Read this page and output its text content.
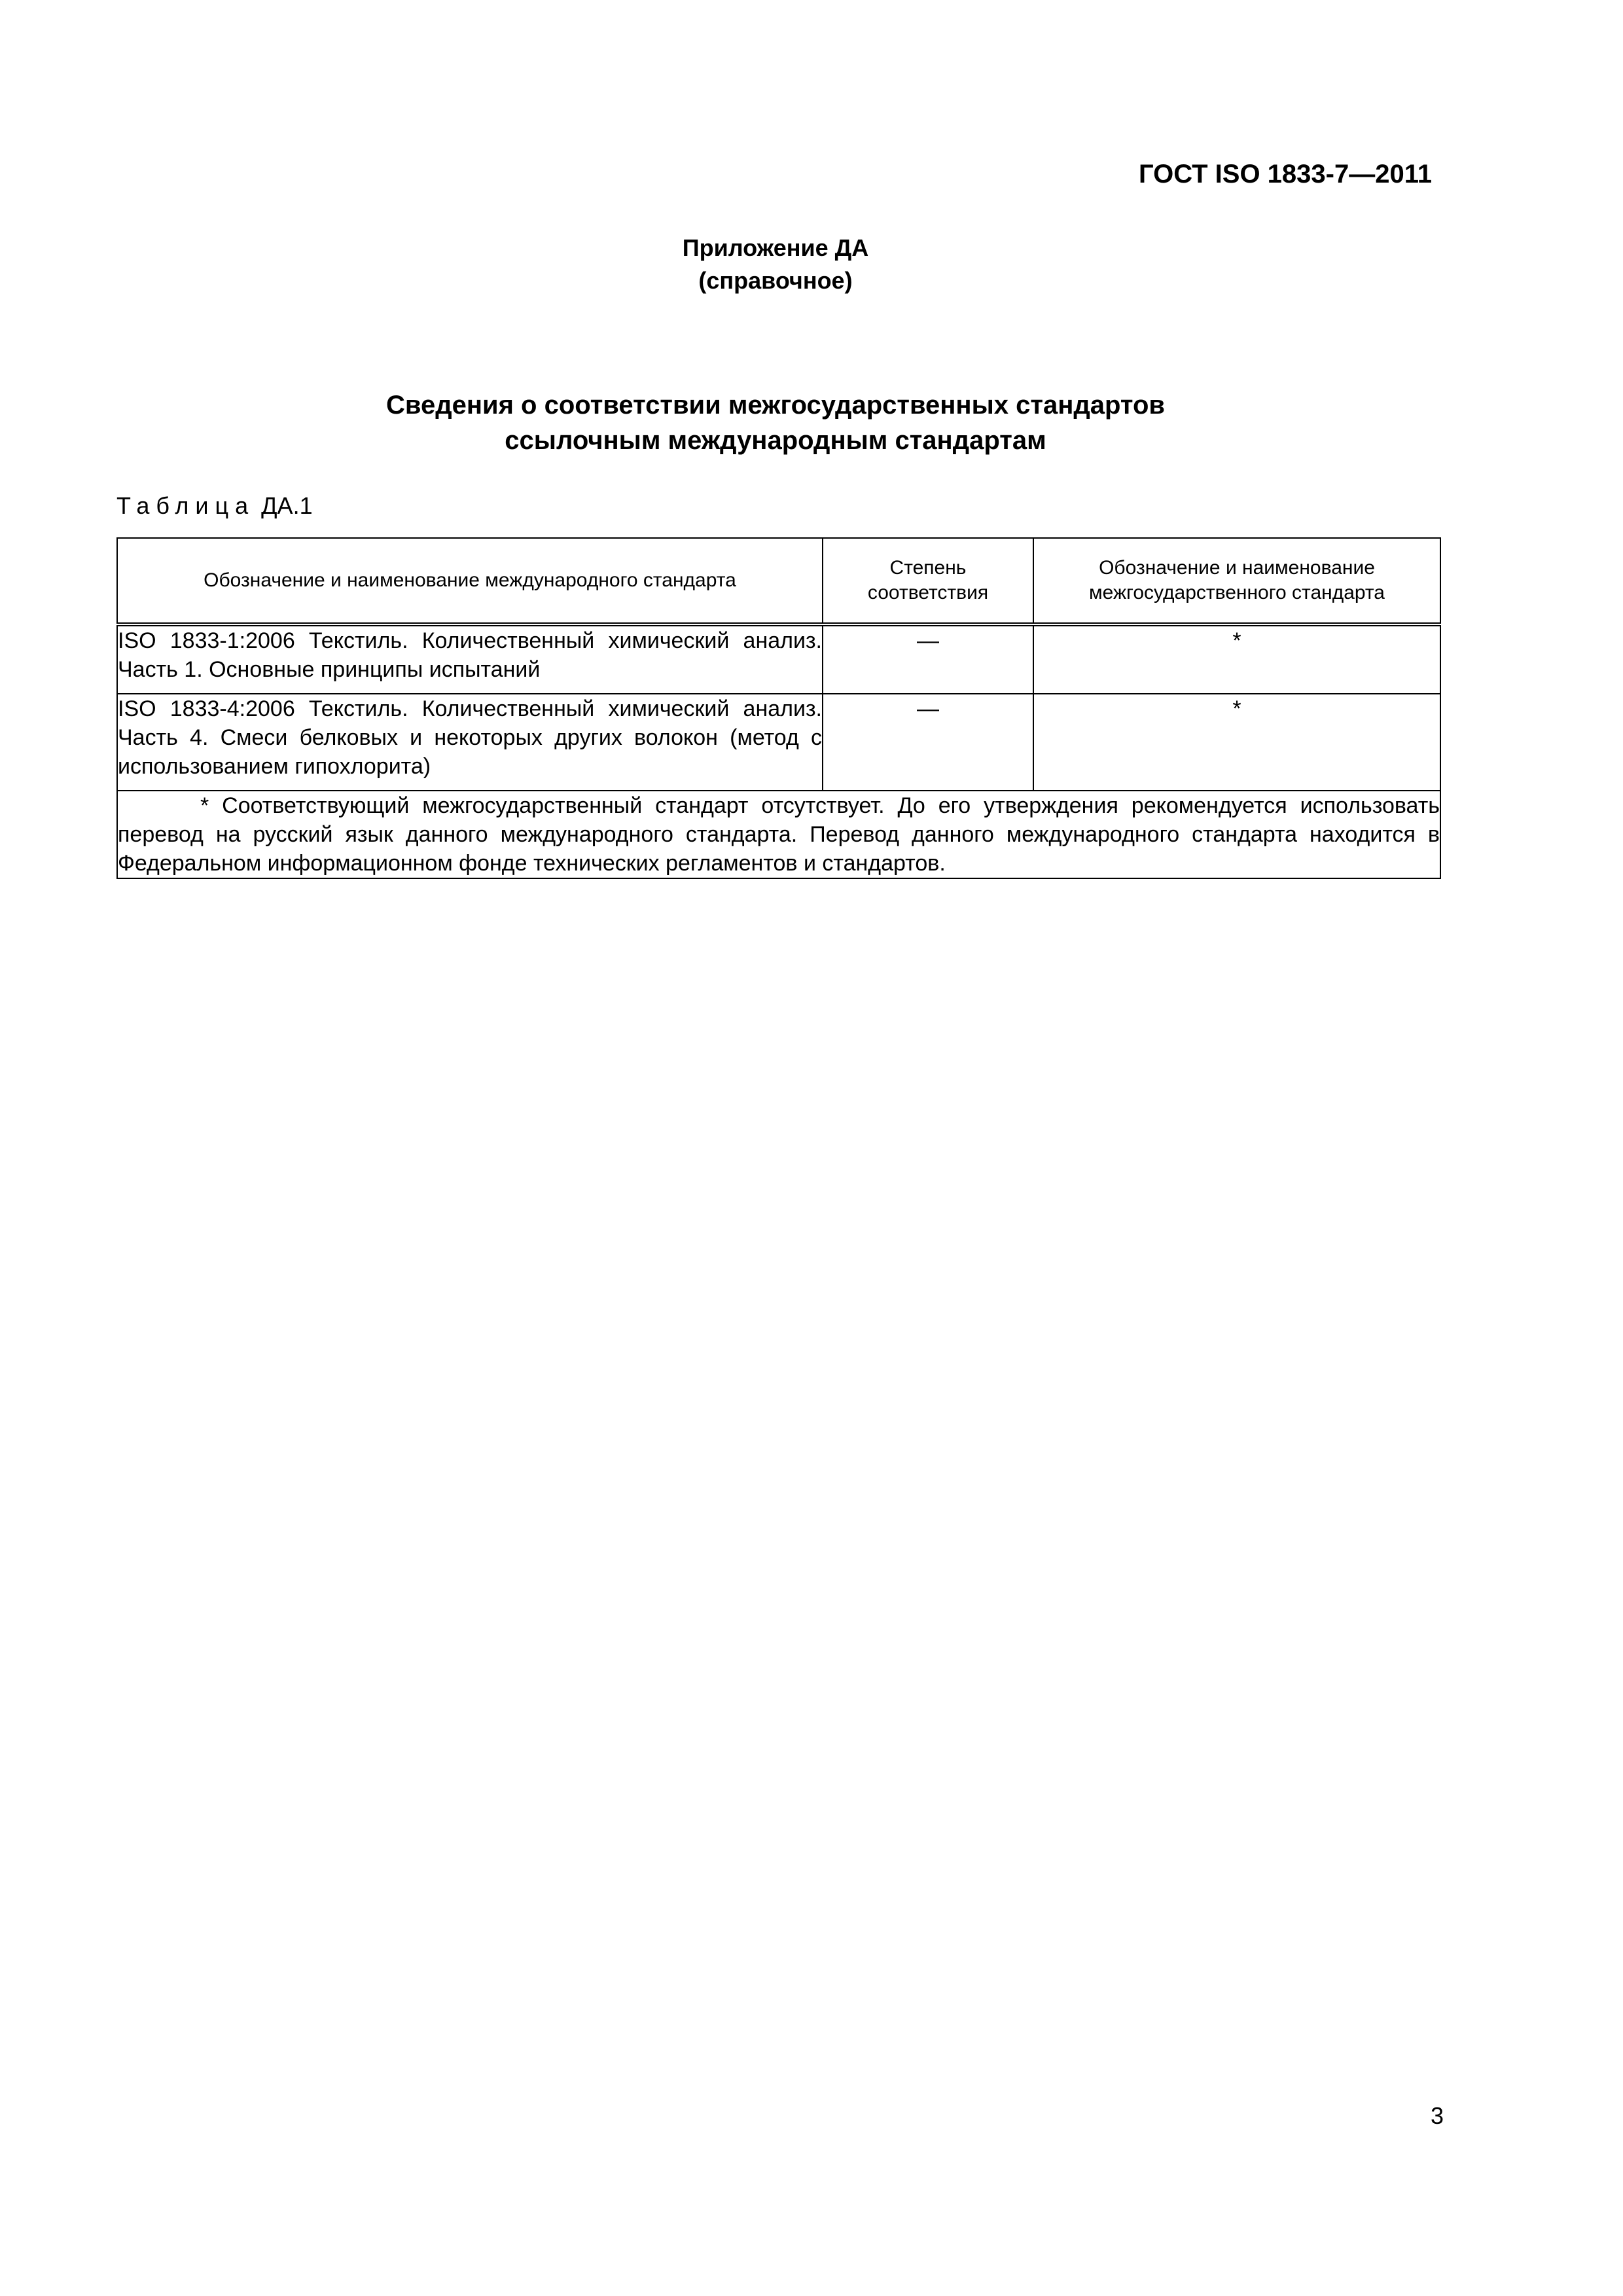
ГОСТ ISO 1833-7—2011
Приложение ДА
(справочное)
Сведения о соответствии межгосударственных стандартов
ссылочным международным стандартам
Таблица ДА.1
Обозначение и наименование международного стандарта	Степень соответствия	Обозначение и наименование межгосударственного стандарта
ISO 1833-1:2006 Текстиль. Количественный химический анализ. Часть 1. Основные принципы испытаний	—	*
ISO 1833-4:2006 Текстиль. Количественный химический анализ. Часть 4. Смеси белковых и некоторых других волокон (метод с использованием гипохлорита)	—	*

* Соответствующий межгосударственный стандарт отсутствует. До его утверждения рекомендуется использовать перевод на русский язык данного международного стандарта. Перевод данного международного стандарта находится в Федеральном информационном фонде технических регламентов и стандартов.		
3
